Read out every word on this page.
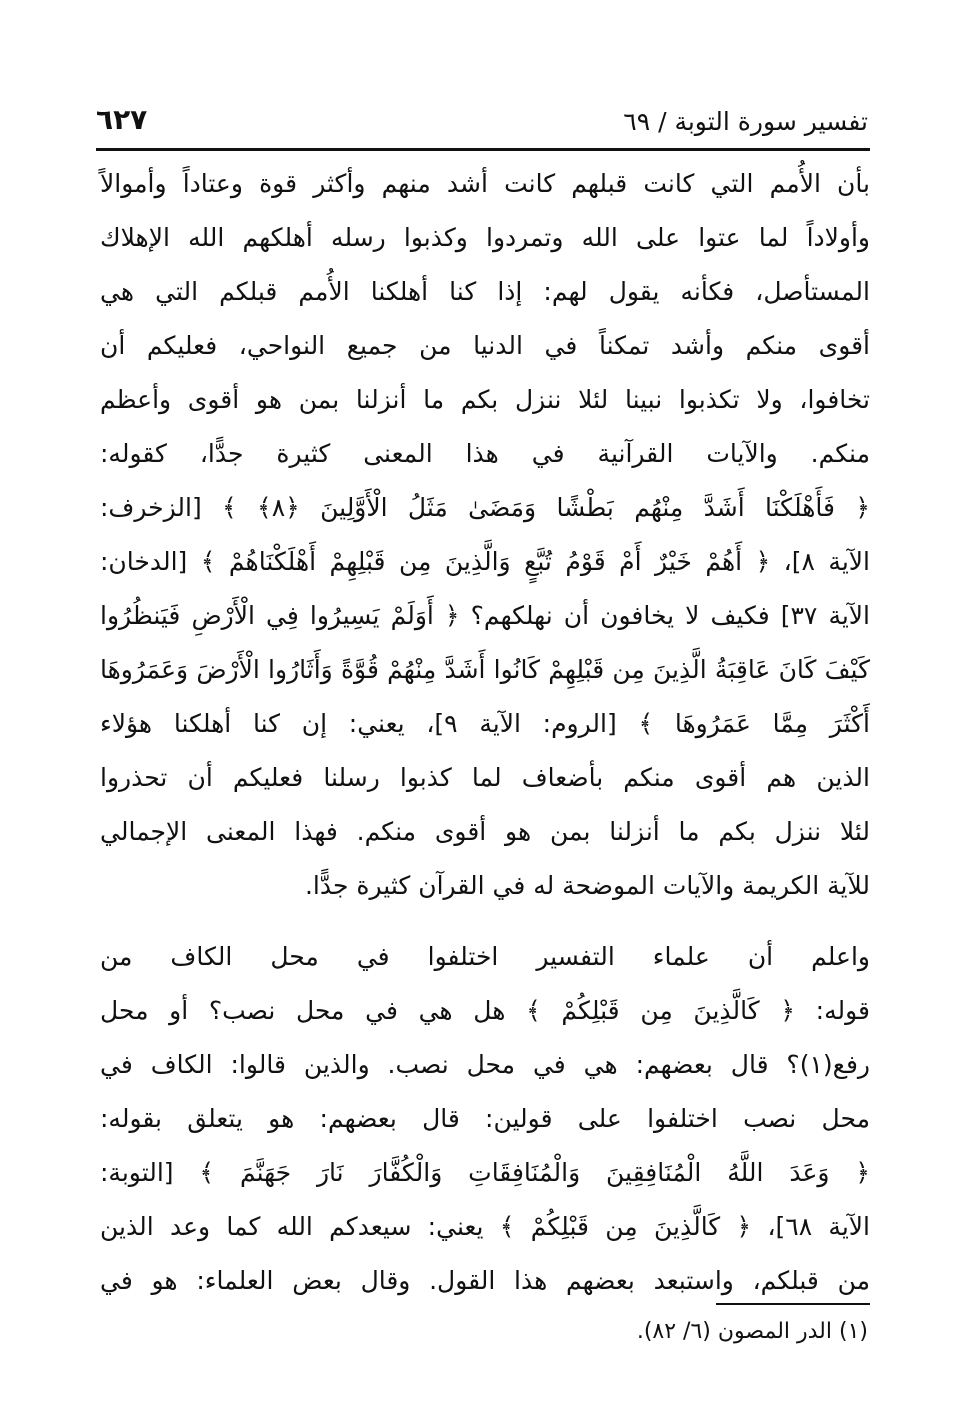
٦٢٧	تفسير سورة التوبة / ٦٩
بأن الأُمم التي كانت قبلهم كانت أشد منهم وأكثر قوة وعتاداً وأموالاً
وأولاداً لما عتوا على الله وتمردوا وكذبوا رسله أهلكهم الله الإهلاك
المستأصل، فكأنه يقول لهم: إذا كنا أهلكنا الأُمم قبلكم التي هي
أقوى منكم وأشد تمكناً في الدنيا من جميع النواحي، فعليكم أن
تخافوا، ولا تكذبوا نبينا لئلا ننزل بكم ما أنزلنا بمن هو أقوى وأعظم
منكم. والآيات القرآنية في هذا المعنى كثيرة جدًّا، كقوله:
﴿ فَأَهْلَكْنَا أَشَدَّ مِنْهُم بَطْشًا وَمَضَىٰ مَثَلُ الْأَوَّلِينَ ﴿٨﴾ ﴾ [الزخرف:
الآية ٨]، ﴿ أَهُمْ خَيْرٌ أَمْ قَوْمُ تُبَّعٍ وَالَّذِينَ مِن قَبْلِهِمْ أَهْلَكْنَاهُمْ ﴾ [الدخان:
الآية ٣٧] فكيف لا يخافون أن نهلكهم؟ ﴿ أَوَلَمْ يَسِيرُوا فِي الْأَرْضِ فَيَنظُرُوا
كَيْفَ كَانَ عَاقِبَةُ الَّذِينَ مِن قَبْلِهِمْ كَانُوا أَشَدَّ مِنْهُمْ قُوَّةً وَأَثَارُوا الْأَرْضَ وَعَمَرُوهَا
أَكْثَرَ مِمَّا عَمَرُوهَا ﴾ [الروم: الآية ٩]، يعني: إن كنا أهلكنا هؤلاء
الذين هم أقوى منكم بأضعاف لما كذبوا رسلنا فعليكم أن تحذروا
لئلا ننزل بكم ما أنزلنا بمن هو أقوى منكم. فهذا المعنى الإجمالي
للآية الكريمة والآيات الموضحة له في القرآن كثيرة جدًّا.
واعلم أن علماء التفسير اختلفوا في محل الكاف من
قوله: ﴿ كَالَّذِينَ مِن قَبْلِكُمْ ﴾ هل هي في محل نصب؟ أو محل
رفع(١)؟ قال بعضهم: هي في محل نصب. والذين قالوا: الكاف في
محل نصب اختلفوا على قولين: قال بعضهم: هو يتعلق بقوله:
﴿ وَعَدَ اللَّهُ الْمُنَافِقِينَ وَالْمُنَافِقَاتِ وَالْكُفَّارَ نَارَ جَهَنَّمَ ﴾ [التوبة:
الآية ٦٨]، ﴿ كَالَّذِينَ مِن قَبْلِكُمْ ﴾ يعني: سيعدكم الله كما وعد الذين
من قبلكم، واستبعد بعضهم هذا القول. وقال بعض العلماء: هو في
(١) الدر المصون (٦/ ٨٢).
